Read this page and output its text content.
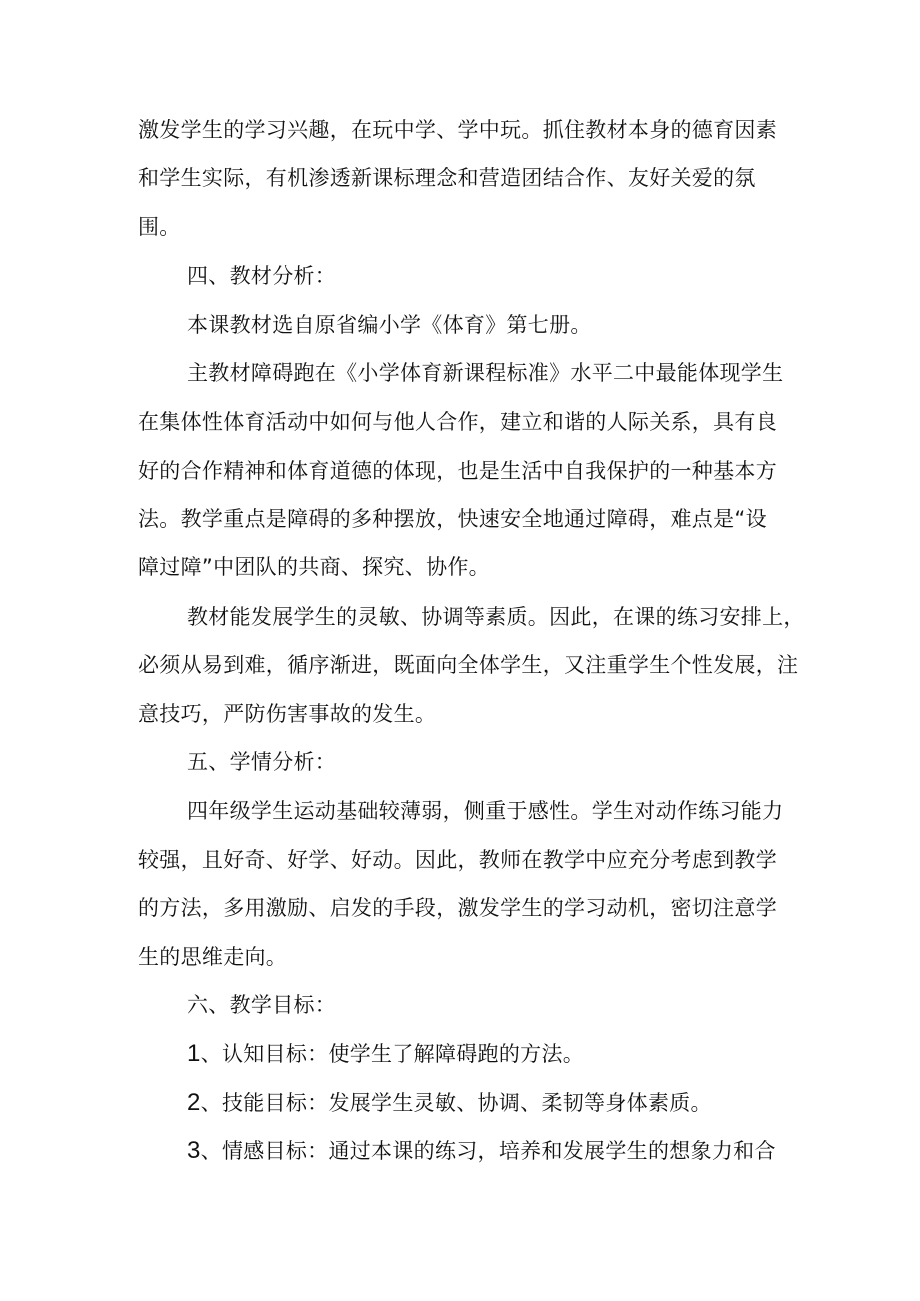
激发学生的学习兴趣，在玩中学、学中玩。抓住教材本身的德育因素
和学生实际，有机渗透新课标理念和营造团结合作、友好关爱的氛
围。
四、教材分析：
本课教材选自原省编小学《体育》第七册。
主教材障碍跑在《小学体育新课程标准》水平二中最能体现学生
在集体性体育活动中如何与他人合作，建立和谐的人际关系，具有良
好的合作精神和体育道德的体现，也是生活中自我保护的一种基本方
法。教学重点是障碍的多种摆放，快速安全地通过障碍，难点是“设
障过障”中团队的共商、探究、协作。
教材能发展学生的灵敏、协调等素质。因此，在课的练习安排上，
必须从易到难，循序渐进，既面向全体学生，又注重学生个性发展，注
意技巧，严防伤害事故的发生。
五、学情分析：
四年级学生运动基础较薄弱，侧重于感性。学生对动作练习能力
较强，且好奇、好学、好动。因此，教师在教学中应充分考虑到教学
的方法，多用激励、启发的手段，激发学生的学习动机，密切注意学
生的思维走向。
六、教学目标：
1、认知目标：使学生了解障碍跑的方法。
2、技能目标：发展学生灵敏、协调、柔韧等身体素质。
3、情感目标：通过本课的练习，培养和发展学生的想象力和合
